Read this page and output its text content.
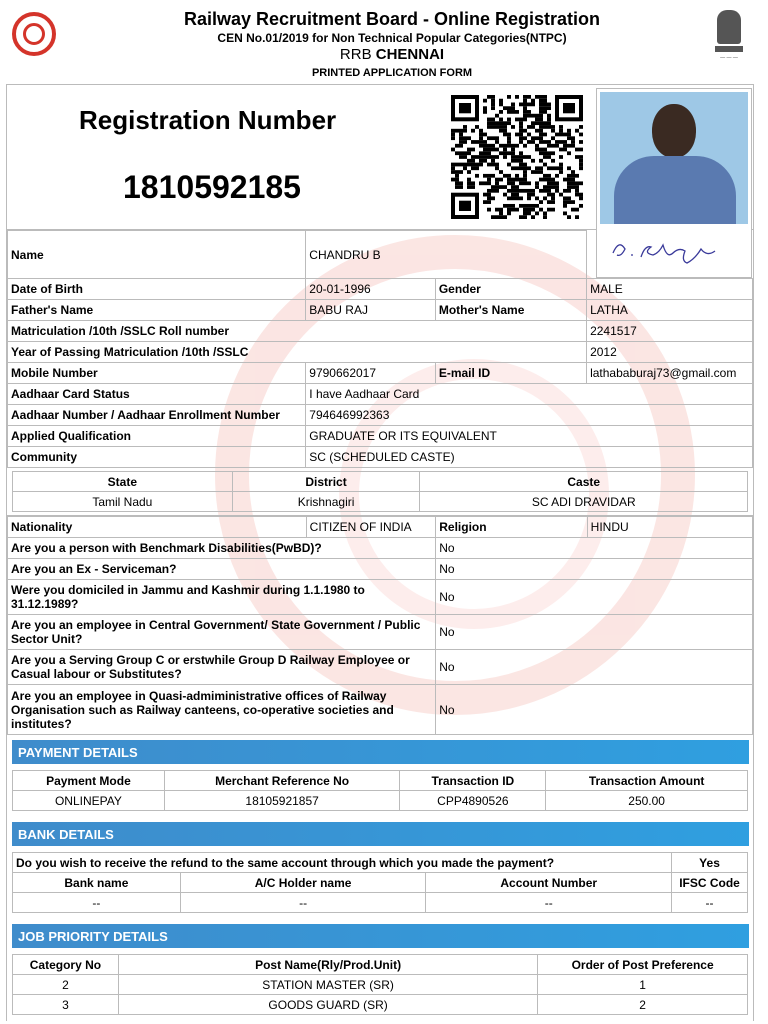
Railway Recruitment Board - Online Registration
CEN No.01/2019 for Non Technical Popular Categories(NTPC)
RRB CHENNAI
PRINTED APPLICATION FORM
— — —
Registration Number
1810592185
Name	CHANDRU B		
Date of Birth	20-01-1996	Gender	MALE
Father's Name	BABU RAJ	Mother's Name	LATHA
Matriculation /10th /SSLC Roll number			2241517
Year of Passing Matriculation /10th /SSLC			2012
Mobile Number	9790662017	E-mail ID	lathababuraj73@gmail.com
Aadhaar Card Status	I have Aadhaar Card		
Aadhaar Number / Aadhaar Enrollment Number	794646992363		
Applied Qualification	GRADUATE OR ITS EQUIVALENT		
Community	SC (SCHEDULED CASTE)		
State	District	Caste
Tamil Nadu	Krishnagiri	SC ADI DRAVIDAR
Nationality	CITIZEN OF INDIA	Religion	HINDU
Are you a person with Benchmark Disabilities(PwBD)?		No	
Are you an Ex - Serviceman?		No	
Were you domiciled in Jammu and Kashmir during 1.1.1980 to 31.12.1989?		No	
Are you an employee in Central Government/ State Government / Public Sector Unit?		No	
Are you a Serving Group C or erstwhile Group D Railway Employee or Casual labour or Substitutes?		No	
Are you an employee in Quasi-admiministrative offices of Railway Organisation such as Railway canteens, co-operative societies and institutes?		No	
PAYMENT DETAILS
Payment Mode	Merchant Reference No	Transaction ID	Transaction Amount
ONLINEPAY	18105921857	CPP4890526	250.00
BANK DETAILS
Do you wish to receive the refund to the same account through which you made the payment?			Yes
Bank name	A/C Holder name	Account Number	IFSC Code
--	--	--	--
JOB PRIORITY DETAILS
Category No	Post Name(Rly/Prod.Unit)	Order of Post Preference
2	STATION MASTER (SR)	1
3	GOODS GUARD (SR)	2
